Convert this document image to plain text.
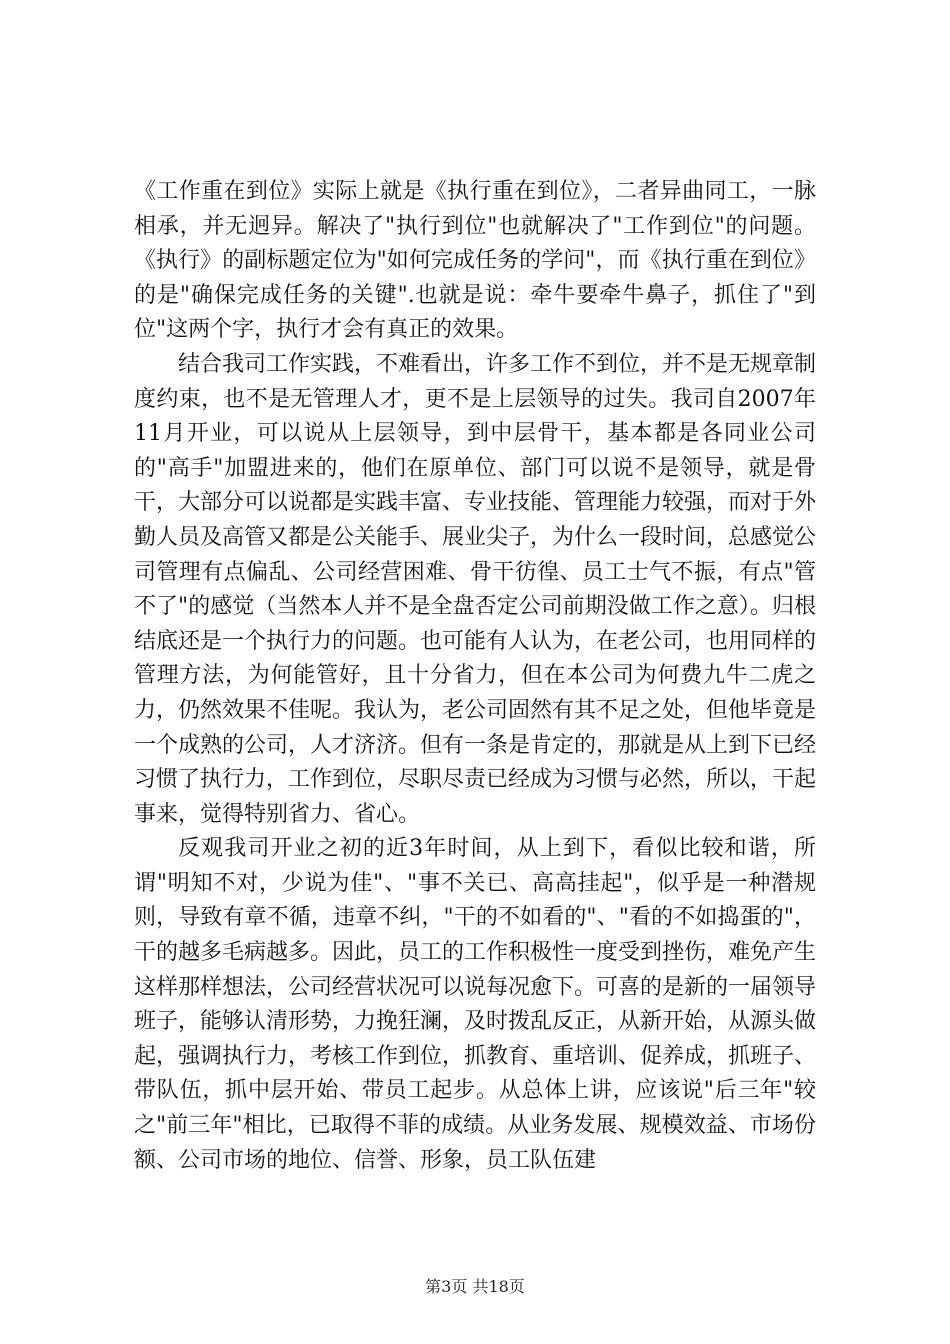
《工作重在到位》实际上就是《执行重在到位》，二者异曲同工，一脉相承，并无迥异。解决了"执行到位"也就解决了"工作到位"的问题。《执行》的副标题定位为"如何完成任务的学问"，而《执行重在到位》的是"确保完成任务的关键".也就是说：牵牛要牵牛鼻子，抓住了"到位"这两个字，执行才会有真正的效果。

结合我司工作实践，不难看出，许多工作不到位，并不是无规章制度约束，也不是无管理人才，更不是上层领导的过失。我司自2007年11月开业，可以说从上层领导，到中层骨干，基本都是各同业公司的"高手"加盟进来的，他们在原单位、部门可以说不是领导，就是骨干，大部分可以说都是实践丰富、专业技能、管理能力较强，而对于外勤人员及高管又都是公关能手、展业尖子，为什么一段时间，总感觉公司管理有点偏乱、公司经营困难、骨干彷徨、员工士气不振，有点"管不了"的感觉（当然本人并不是全盘否定公司前期没做工作之意）。归根结底还是一个执行力的问题。也可能有人认为，在老公司，也用同样的管理方法，为何能管好，且十分省力，但在本公司为何费九牛二虎之力，仍然效果不佳呢。我认为，老公司固然有其不足之处，但他毕竟是一个成熟的公司，人才济济。但有一条是肯定的，那就是从上到下已经习惯了执行力，工作到位，尽职尽责已经成为习惯与必然，所以，干起事来，觉得特别省力、省心。

反观我司开业之初的近3年时间，从上到下，看似比较和谐，所谓"明知不对，少说为佳"、"事不关已、高高挂起"，似乎是一种潜规则，导致有章不循，违章不纠，"干的不如看的"、"看的不如捣蛋的"，干的越多毛病越多。因此，员工的工作积极性一度受到挫伤，难免产生这样那样想法，公司经营状况可以说每况愈下。可喜的是新的一届领导班子，能够认清形势，力挽狂澜，及时拨乱反正，从新开始，从源头做起，强调执行力，考核工作到位，抓教育、重培训、促养成，抓班子、带队伍，抓中层开始、带员工起步。从总体上讲，应该说"后三年"较之"前三年"相比，已取得不菲的成绩。从业务发展、规模效益、市场份额、公司市场的地位、信誉、形象，员工队伍建

第3页 共18页
